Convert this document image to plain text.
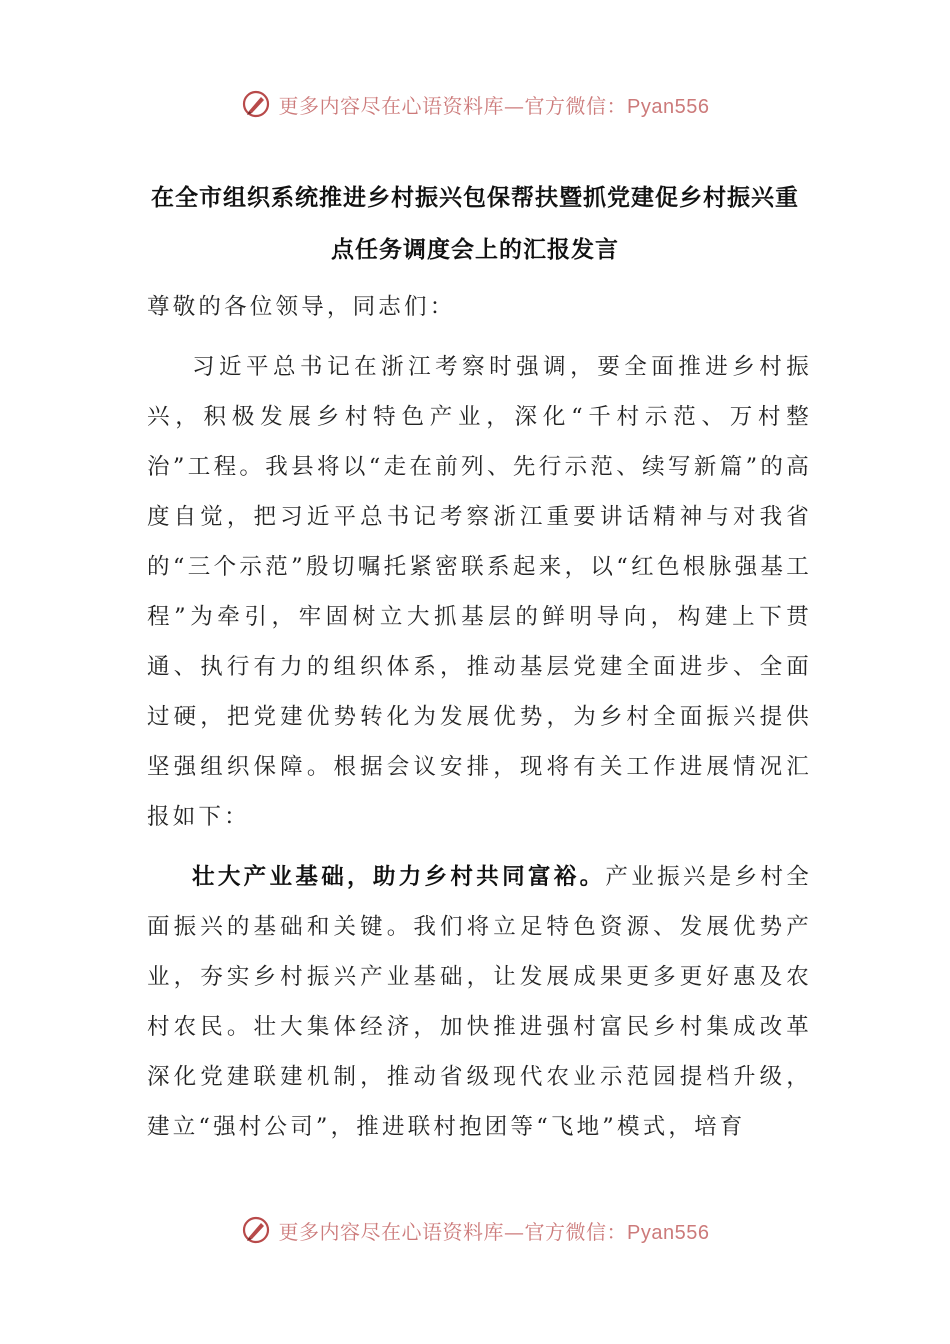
更多内容尽在心语资料库—官方微信：Pyan556
在全市组织系统推进乡村振兴包保帮扶暨抓党建促乡村振兴重点任务调度会上的汇报发言

尊敬的各位领导，同志们：

习近平总书记在浙江考察时强调，要全面推进乡村振兴，积极发展乡村特色产业，深化“千村示范、万村整治”工程。我县将以“走在前列、先行示范、续写新篇”的高度自觉，把习近平总书记考察浙江重要讲话精神与对我省的“三个示范”殷切嘱托紧密联系起来，以“红色根脉强基工程”为牵引，牢固树立大抓基层的鲜明导向，构建上下贯通、执行有力的组织体系，推动基层党建全面进步、全面过硬，把党建优势转化为发展优势，为乡村全面振兴提供坚强组织保障。根据会议安排，现将有关工作进展情况汇报如下：

壮大产业基础，助力乡村共同富裕。产业振兴是乡村全面振兴的基础和关键。我们将立足特色资源、发展优势产业，夯实乡村振兴产业基础，让发展成果更多更好惠及农村农民。壮大集体经济，加快推进强村富民乡村集成改革深化党建联建机制，推动省级现代农业示范园提档升级，建立“强村公司”，推进联村抱团等“飞地”模式，培育

更多内容尽在心语资料库—官方微信：Pyan556
